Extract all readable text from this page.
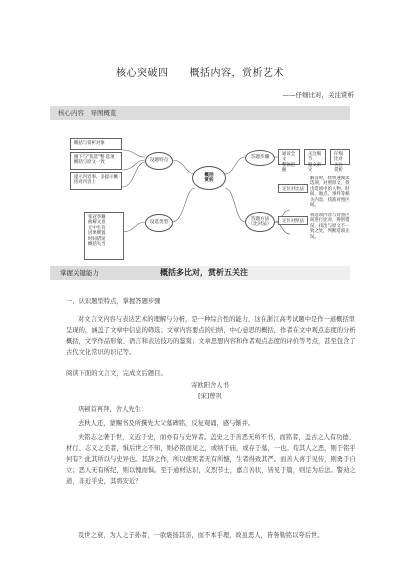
核心突破四　　概括内容，赏析艺术
——仔细比对，关注赏析
核心内容　导图概览
概括与赏析对象
圈下与"焦选"整 选项概括与原文一致
提示内容事，多提示概括对内容上
设题特点
设选类型
张冠李戴
曲解文意
无中生有
因果倒置
时间错误
概括失当
概括
赏析
答题步骤
答题方法
（比对法）
通读全文
整体把握
关注细节
据文索文
仔细比对
关注赏析
定位对比法
定位对照法
解答时，经快速阅读选项，对照原文，找出选项中的人物、时间、地点、事件等相关内容，找准对照区间。
将选项内容与对照区间进行比对，辨别错误，找出与原文不一致之处，判断选项正误。
掌握关键能力	概括多比对，赏析五关注
一、认识题型特点，掌握答题步骤
对文言文内容与表达艺术的理解与分析，是一种综合性的能力，这在浙江高考试题中是作一道概括里呈现的，涵盖了文章中信息的筛选；文章内容要点的归纳，中心意思的概括，作者在文中观点态度的分析概括，文学作品形象、语言和表达技巧的鉴赏；文章思想内容和作者观点态度的评价等考点，甚至包含了古代文化常识的识记等。
阅读下面的文言文，完成文后题目。
寄欧阳舍人书
[宋]曾巩
巩顿首再拜，舍人先生：
去秋人还，蒙赐书及所撰先大父墓碑铭，反复观诵，感与惭并。
夫铭志之著于世，义近于史，而亦有与史异者。盖史之于善恶无所不书，而铭者，盖古之人有功德、材行、志义之美者，惧后世之不知，则必铭而见之，或纳于庙，或存于墓，一也。苟其人之恶，则于铭乎何有？此其所以与史异也。其辞之作，所以使死者无有所憾，生者得致其严。而善人喜于见传，则勇于自立；恶人无有所纪，则以愧而惧。至于通材达识，义烈节士，嘉言善状，皆见于篇，则足为后法。警劝之道，非近乎史，其将安近？
及世之衰，为人之子孙者，一欲褒扬其亲，而不本乎理，故虽恶人，皆务勒铭以夸后世。
